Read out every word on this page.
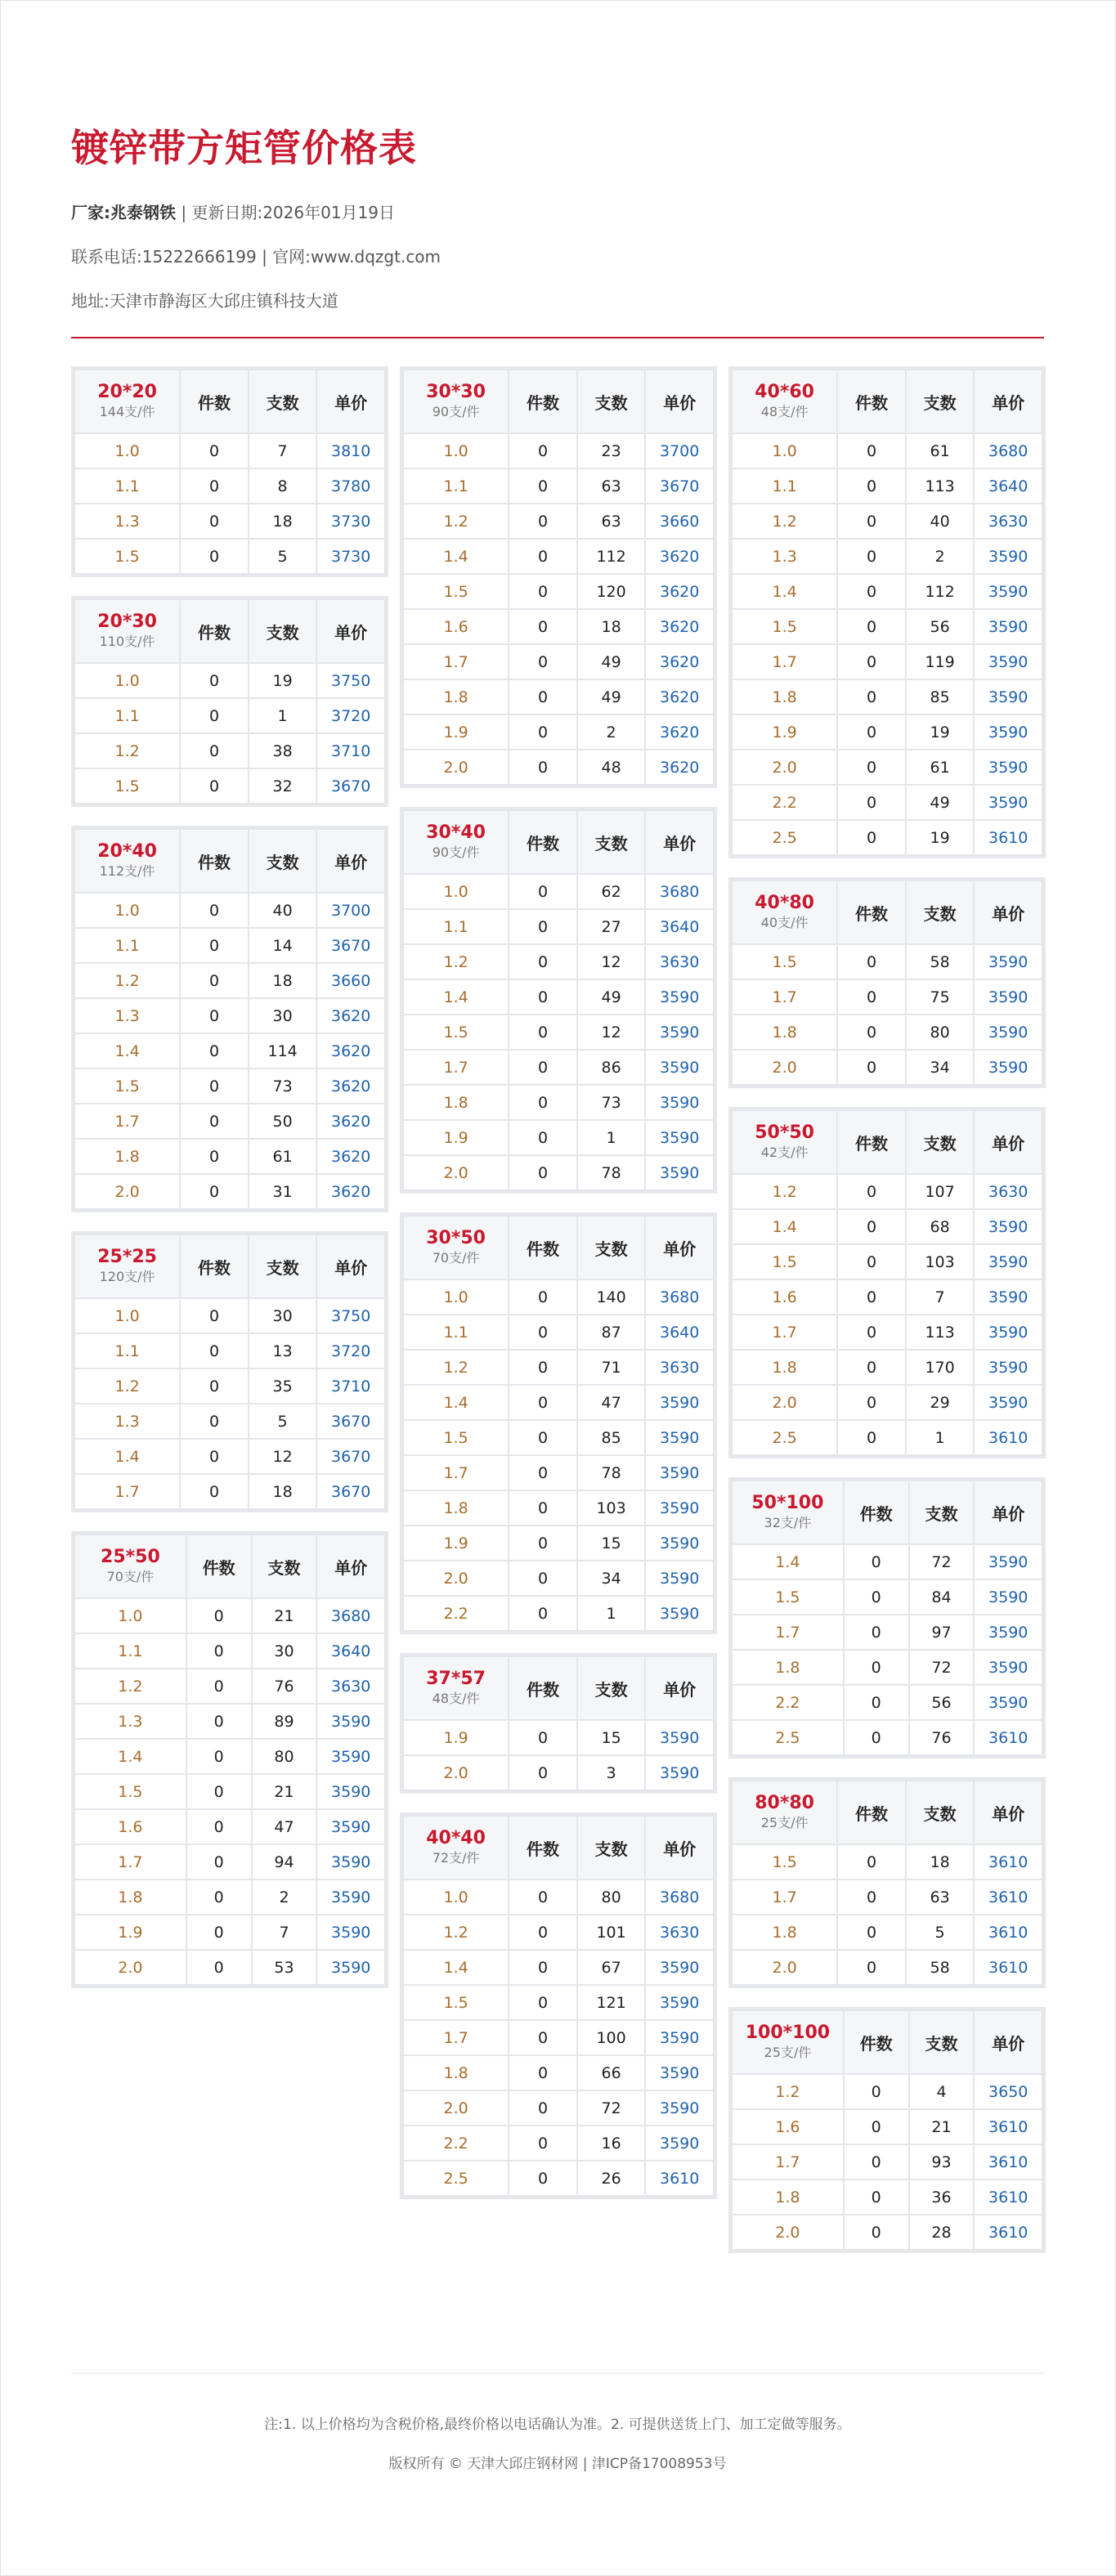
镀锌带方矩管价格表
厂家:兆泰钢铁 | 更新日期:2026年01月19日
联系电话:15222666199 | 官网:www.dqzgt.com
地址:天津市静海区大邱庄镇科技大道
20*20
144支/件	件数	支数	单价
1.0	0	7	3810
1.1	0	8	3780
1.3	0	18	3730
1.5	0	5	3730
20*30
110支/件	件数	支数	单价
1.0	0	19	3750
1.1	0	1	3720
1.2	0	38	3710
1.5	0	32	3670
20*40
112支/件	件数	支数	单价
1.0	0	40	3700
1.1	0	14	3670
1.2	0	18	3660
1.3	0	30	3620
1.4	0	114	3620
1.5	0	73	3620
1.7	0	50	3620
1.8	0	61	3620
2.0	0	31	3620
25*25
120支/件	件数	支数	单价
1.0	0	30	3750
1.1	0	13	3720
1.2	0	35	3710
1.3	0	5	3670
1.4	0	12	3670
1.7	0	18	3670
25*50
70支/件	件数	支数	单价
1.0	0	21	3680
1.1	0	30	3640
1.2	0	76	3630
1.3	0	89	3590
1.4	0	80	3590
1.5	0	21	3590
1.6	0	47	3590
1.7	0	94	3590
1.8	0	2	3590
1.9	0	7	3590
2.0	0	53	3590
30*30
90支/件	件数	支数	单价
1.0	0	23	3700
1.1	0	63	3670
1.2	0	63	3660
1.4	0	112	3620
1.5	0	120	3620
1.6	0	18	3620
1.7	0	49	3620
1.8	0	49	3620
1.9	0	2	3620
2.0	0	48	3620
30*40
90支/件	件数	支数	单价
1.0	0	62	3680
1.1	0	27	3640
1.2	0	12	3630
1.4	0	49	3590
1.5	0	12	3590
1.7	0	86	3590
1.8	0	73	3590
1.9	0	1	3590
2.0	0	78	3590
30*50
70支/件	件数	支数	单价
1.0	0	140	3680
1.1	0	87	3640
1.2	0	71	3630
1.4	0	47	3590
1.5	0	85	3590
1.7	0	78	3590
1.8	0	103	3590
1.9	0	15	3590
2.0	0	34	3590
2.2	0	1	3590
37*57
48支/件	件数	支数	单价
1.9	0	15	3590
2.0	0	3	3590
40*40
72支/件	件数	支数	单价
1.0	0	80	3680
1.2	0	101	3630
1.4	0	67	3590
1.5	0	121	3590
1.7	0	100	3590
1.8	0	66	3590
2.0	0	72	3590
2.2	0	16	3590
2.5	0	26	3610
40*60
48支/件	件数	支数	单价
1.0	0	61	3680
1.1	0	113	3640
1.2	0	40	3630
1.3	0	2	3590
1.4	0	112	3590
1.5	0	56	3590
1.7	0	119	3590
1.8	0	85	3590
1.9	0	19	3590
2.0	0	61	3590
2.2	0	49	3590
2.5	0	19	3610
40*80
40支/件	件数	支数	单价
1.5	0	58	3590
1.7	0	75	3590
1.8	0	80	3590
2.0	0	34	3590
50*50
42支/件	件数	支数	单价
1.2	0	107	3630
1.4	0	68	3590
1.5	0	103	3590
1.6	0	7	3590
1.7	0	113	3590
1.8	0	170	3590
2.0	0	29	3590
2.5	0	1	3610
50*100
32支/件	件数	支数	单价
1.4	0	72	3590
1.5	0	84	3590
1.7	0	97	3590
1.8	0	72	3590
2.2	0	56	3590
2.5	0	76	3610
80*80
25支/件	件数	支数	单价
1.5	0	18	3610
1.7	0	63	3610
1.8	0	5	3610
2.0	0	58	3610
100*100
25支/件	件数	支数	单价
1.2	0	4	3650
1.6	0	21	3610
1.7	0	93	3610
1.8	0	36	3610
2.0	0	28	3610
注:1. 以上价格均为含税价格,最终价格以电话确认为准。2. 可提供送货上门、加工定做等服务。
版权所有 © 天津大邱庄钢材网 | 津ICP备17008953号
